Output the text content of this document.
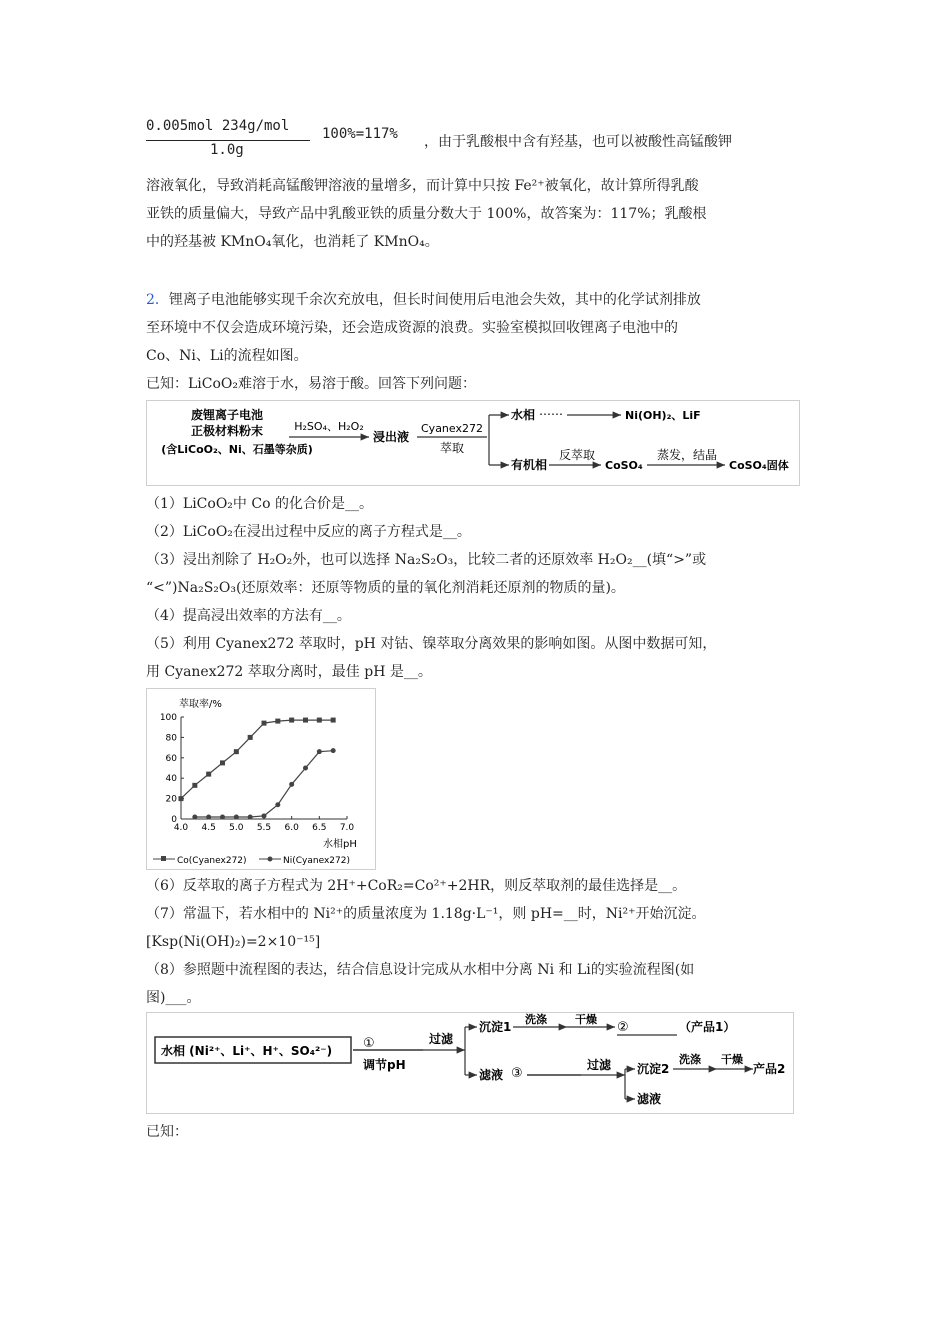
0.005mol 234g/mol
1.0g
100%=117% ，由于乳酸根中含有羟基，也可以被酸性高锰酸钾
溶液氧化，导致消耗高锰酸钾溶液的量增多，而计算中只按 Fe²⁺被氧化，故计算所得乳酸
亚铁的质量偏大，导致产品中乳酸亚铁的质量分数大于 100%，故答案为：117%；乳酸根
中的羟基被 KMnO₄氧化，也消耗了 KMnO₄。
2．锂离子电池能够实现千余次充放电，但长时间使用后电池会失效，其中的化学试剂排放
至环境中不仅会造成环境污染，还会造成资源的浪费。实验室模拟回收锂离子电池中的
Co、Ni、Li的流程如图。
已知：LiCoO₂难溶于水，易溶于酸。回答下列问题：
废锂离子电池
正极材料粉末
(含LiCoO₂、Ni、石墨等杂质)
H₂SO₄、H₂O₂
浸出液
Cyanex272
萃取
水相 ……	Ni(OH)₂、LiF
有机相
反萃取
CoSO₄
蒸发，结晶
CoSO₄固体
（1）LiCoO₂中 Co 的化合价是__。
（2）LiCoO₂在浸出过程中反应的离子方程式是__。
（3）浸出剂除了 H₂O₂外，也可以选择 Na₂S₂O₃，比较二者的还原效率 H₂O₂__(填“>”或
“<”)Na₂S₂O₃(还原效率：还原等物质的量的氧化剂消耗还原剂的物质的量)。
（4）提高浸出效率的方法有__。
（5）利用 Cyanex272 萃取时，pH 对钴、镍萃取分离效果的影响如图。从图中数据可知，
用 Cyanex272 萃取分离时，最佳 pH 是__。
萃取率/%
水相pH
0
20
40
60
80
100
4.0 4.5 5.0 5.5 6.0 6.5 7.0
Co(Cyanex272)	Ni(Cyanex272)
（6）反萃取的离子方程式为 2H⁺+CoR₂=Co²⁺+2HR，则反萃取剂的最佳选择是__。
（7）常温下，若水相中的 Ni²⁺的质量浓度为 1.18g·L⁻¹，则 pH=__时，Ni²⁺开始沉淀。
[Ksp(Ni(OH)₂)=2×10⁻¹⁵]
（8）参照题中流程图的表达，结合信息设计完成从水相中分离 Ni 和 Li的实验流程图(如
图)___。
水相 (Ni²⁺、Li⁺、H⁺、SO₄²⁻) ①
调节pH
过滤
沉淀1
洗涤	干燥
②	（产品1）
滤液 ③
过滤 沉淀2
洗涤 干燥
产品2
滤液
已知：
